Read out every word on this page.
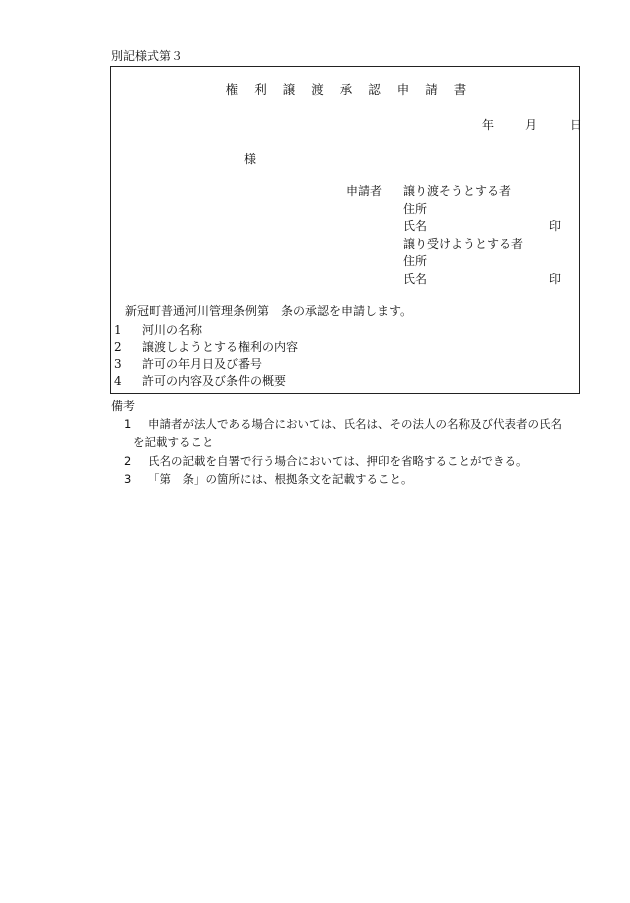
別記様式第３
権 利 譲 渡 承 認 申 請 書
年	月	日
様
申請者 譲り渡そうとする者
住所
氏名	印
譲り受けようとする者
住所
氏名	印
新冠町普通河川管理条例第　条の承認を申請します。
1 河川の名称
2 譲渡しようとする権利の内容
3 許可の年月日及び番号
4 許可の内容及び条件の概要
備考
1 申請者が法人である場合においては、氏名は、その法人の名称及び代表者の氏名
を記載すること
2 氏名の記載を自署で行う場合においては、押印を省略することができる。
3 「第　条」の箇所には、根拠条文を記載すること。
